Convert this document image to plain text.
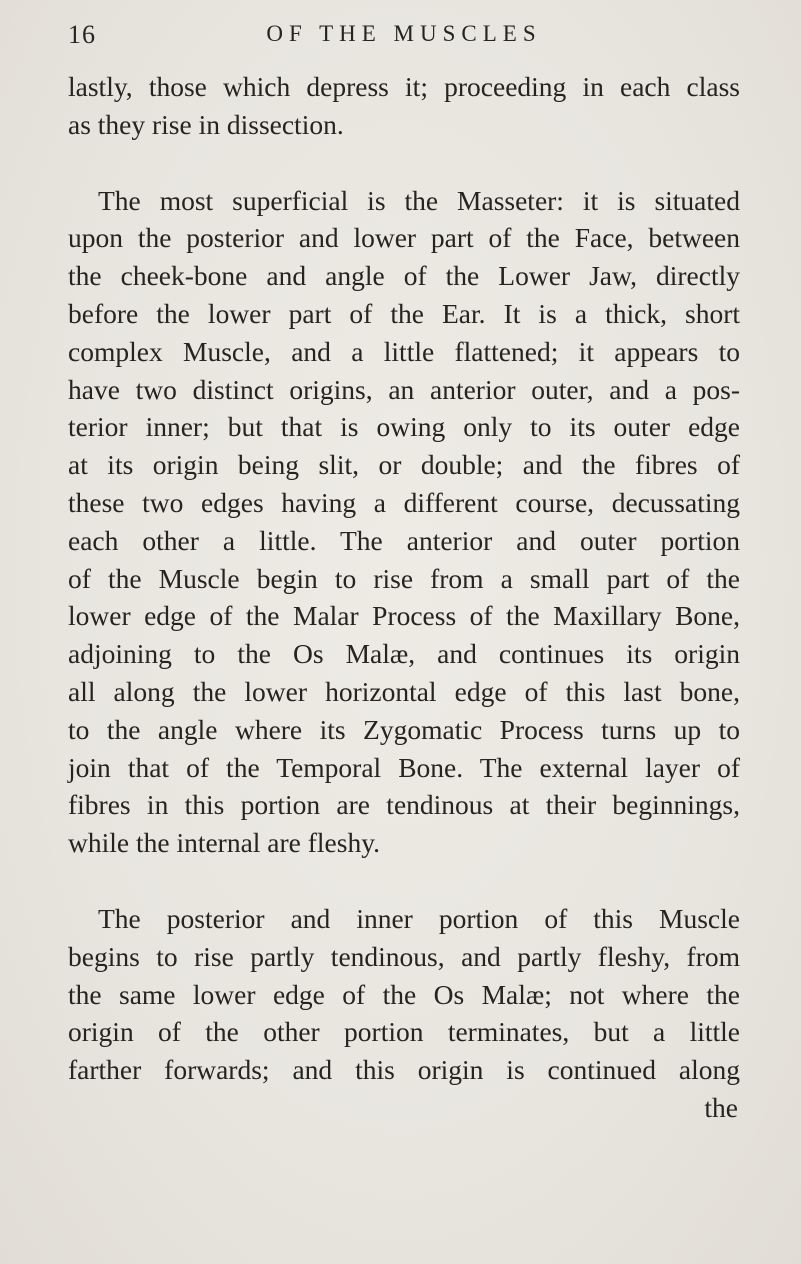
16	OF THE MUSCLES

lastly, those which depress it; proceeding in each class

as they rise in dissection.

The most superficial is the Masseter: it is situated

upon the posterior and lower part of the Face, between

the cheek-bone and angle of the Lower Jaw, directly

before the lower part of the Ear. It is a thick, short

complex Muscle, and a little flattened; it appears to

have two distinct origins, an anterior outer, and a pos-

terior inner; but that is owing only to its outer edge

at its origin being slit, or double; and the fibres of

these two edges having a different course, decussating

each other a little. The anterior and outer portion

of the Muscle begin to rise from a small part of the

lower edge of the Malar Process of the Maxillary Bone,

adjoining to the Os Malæ, and continues its origin

all along the lower horizontal edge of this last bone,

to the angle where its Zygomatic Process turns up to

join that of the Temporal Bone. The external layer of

fibres in this portion are tendinous at their beginnings,

while the internal are fleshy.

The posterior and inner portion of this Muscle

begins to rise partly tendinous, and partly fleshy, from

the same lower edge of the Os Malæ; not where the

origin of the other portion terminates, but a little

farther forwards; and this origin is continued along

the
